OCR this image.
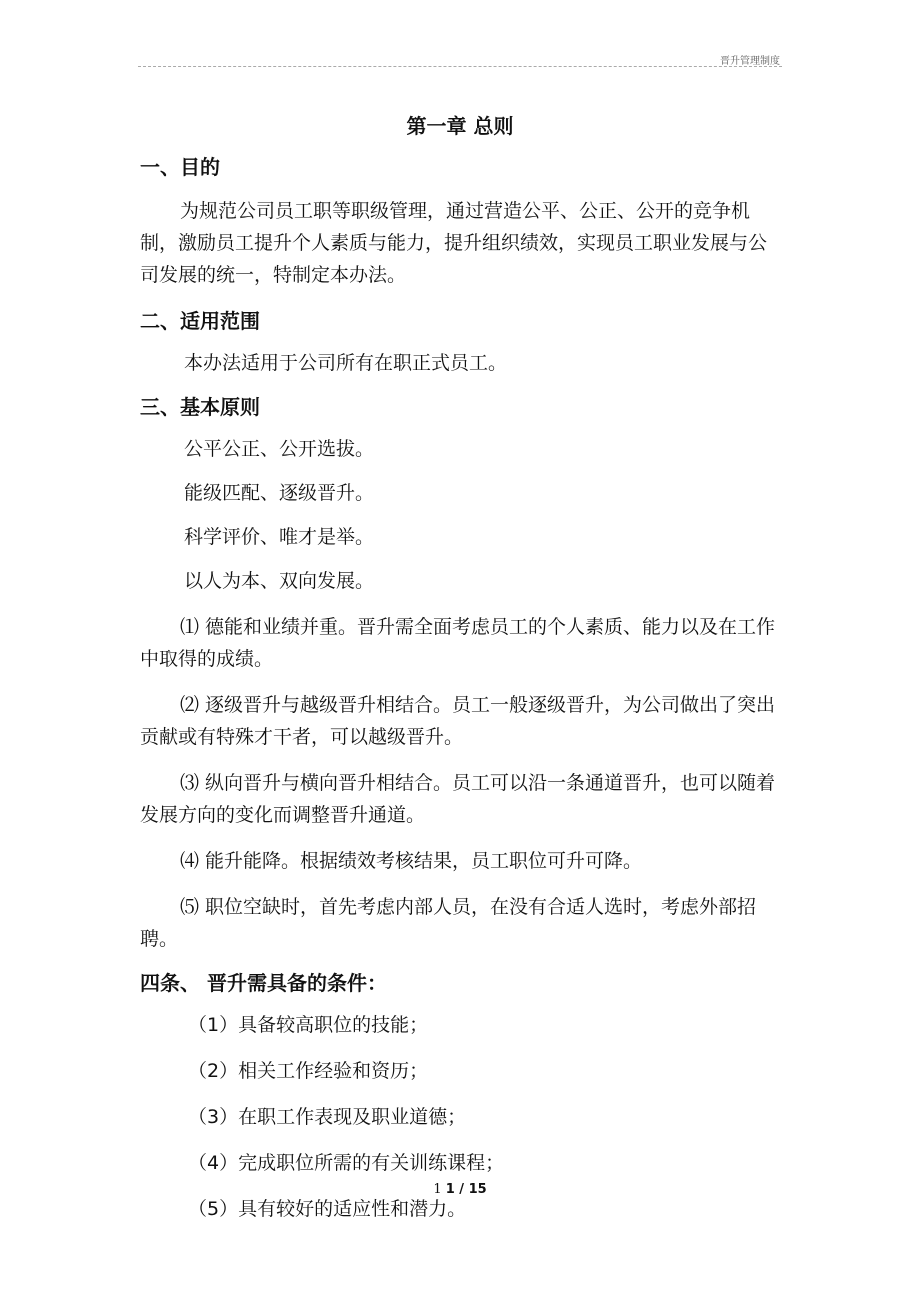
晋升管理制度
第一章 总则
一、目的

为规范公司员工职等职级管理，通过营造公平、公正、公开的竞争机制，激励员工提升个人素质与能力，提升组织绩效，实现员工职业发展与公司发展的统一，特制定本办法。

二、适用范围
本办法适用于公司所有在职正式员工。
三、基本原则
公平公正、公开选拔。
能级匹配、逐级晋升。
科学评价、唯才是举。
以人为本、双向发展。

⑴ 德能和业绩并重。晋升需全面考虑员工的个人素质、能力以及在工作中取得的成绩。

⑵ 逐级晋升与越级晋升相结合。员工一般逐级晋升，为公司做出了突出贡献或有特殊才干者，可以越级晋升。

⑶ 纵向晋升与横向晋升相结合。员工可以沿一条通道晋升，也可以随着发展方向的变化而调整晋升通道。

⑷ 能升能降。根据绩效考核结果，员工职位可升可降。

⑸ 职位空缺时，首先考虑内部人员，在没有合适人选时，考虑外部招聘。

四条、 晋升需具备的条件：
（1）具备较高职位的技能；
（2）相关工作经验和资历；
（3）在职工作表现及职业道德；
（4）完成职位所需的有关训练课程；
（5）具有较好的适应性和潜力。
1 1 / 15
